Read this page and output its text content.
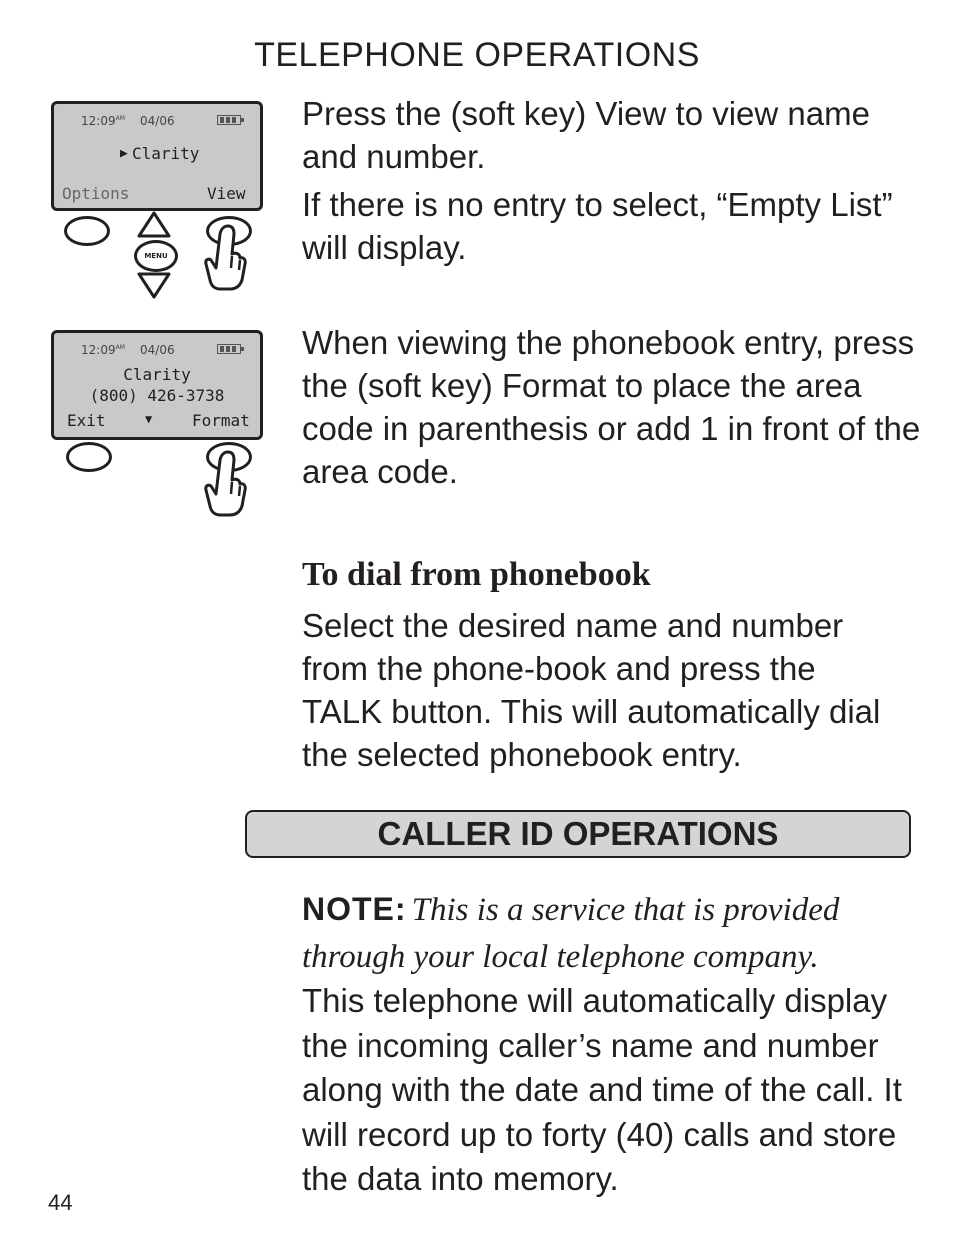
TELEPHONE OPERATIONS
$12:09^{AM}$ 04/06
▶ Clarity
Options	View
MENU
Press the (soft key) View to view name and number.
If there is no entry to select, “Empty List” will display.
$12:09^{AM}$ 04/06
Clarity
(800) 426-3738
Exit	▼ Format
When viewing the phonebook entry, press the (soft key) Format to place the area code in parenthesis or add 1 in front of the area code.
To dial from phonebook
Select the desired name and number from the phone-book and press the TALK button. This will automatically dial the selected phonebook entry.
CALLER ID OPERATIONS
NOTE: This is a service that is provided through your local telephone company.
This telephone will automatically display the incoming caller’s name and number along with the date and time of the call. It will record up to forty (40) calls and store the data into memory.
44
